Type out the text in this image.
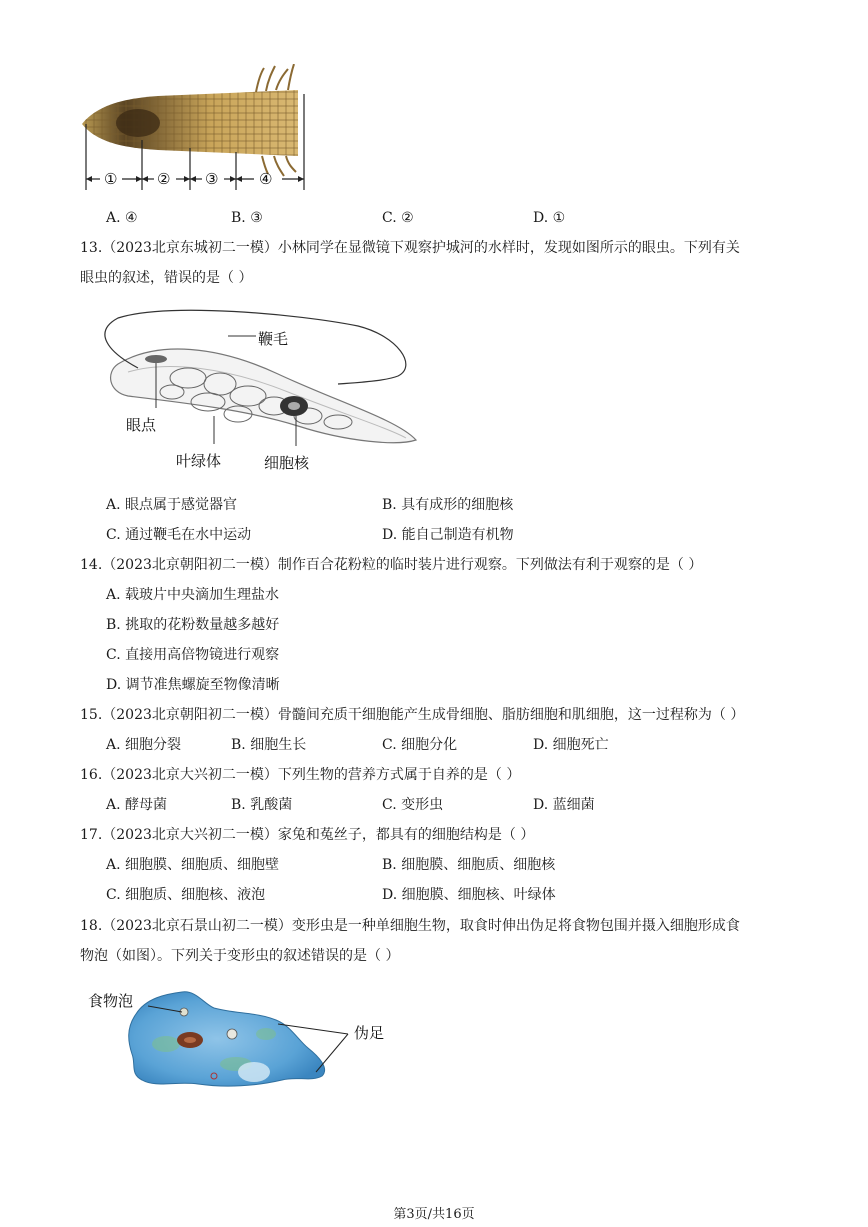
①	② ③	④
A. ④	B. ③	C. ②	D. ①
13.（2023北京东城初二一模）小林同学在显微镜下观察护城河的水样时，发现如图所示的眼虫。下列有关
眼虫的叙述，错误的是（ ）
鞭毛
眼点
叶绿体	细胞核
A. 眼点属于感觉器官	B. 具有成形的细胞核
C. 通过鞭毛在水中运动	D. 能自己制造有机物
14.（2023北京朝阳初二一模）制作百合花粉粒的临时装片进行观察。下列做法有利于观察的是（ ）
A. 载玻片中央滴加生理盐水
B. 挑取的花粉数量越多越好
C. 直接用高倍物镜进行观察
D. 调节准焦螺旋至物像清晰
15.（2023北京朝阳初二一模）骨髓间充质干细胞能产生成骨细胞、脂肪细胞和肌细胞，这一过程称为（ ）
A. 细胞分裂	B. 细胞生长	C. 细胞分化	D. 细胞死亡
16.（2023北京大兴初二一模）下列生物的营养方式属于自养的是（ ）
A. 酵母菌	B. 乳酸菌	C. 变形虫	D. 蓝细菌
17.（2023北京大兴初二一模）家兔和菟丝子，都具有的细胞结构是（ ）
A. 细胞膜、细胞质、细胞壁	B. 细胞膜、细胞质、细胞核
C. 细胞质、细胞核、液泡	D. 细胞膜、细胞核、叶绿体
18.（2023北京石景山初二一模）变形虫是一种单细胞生物，取食时伸出伪足将食物包围并摄入细胞形成食
物泡（如图）。下列关于变形虫的叙述错误的是（ ）
食物泡
伪足
第3页/共16页
